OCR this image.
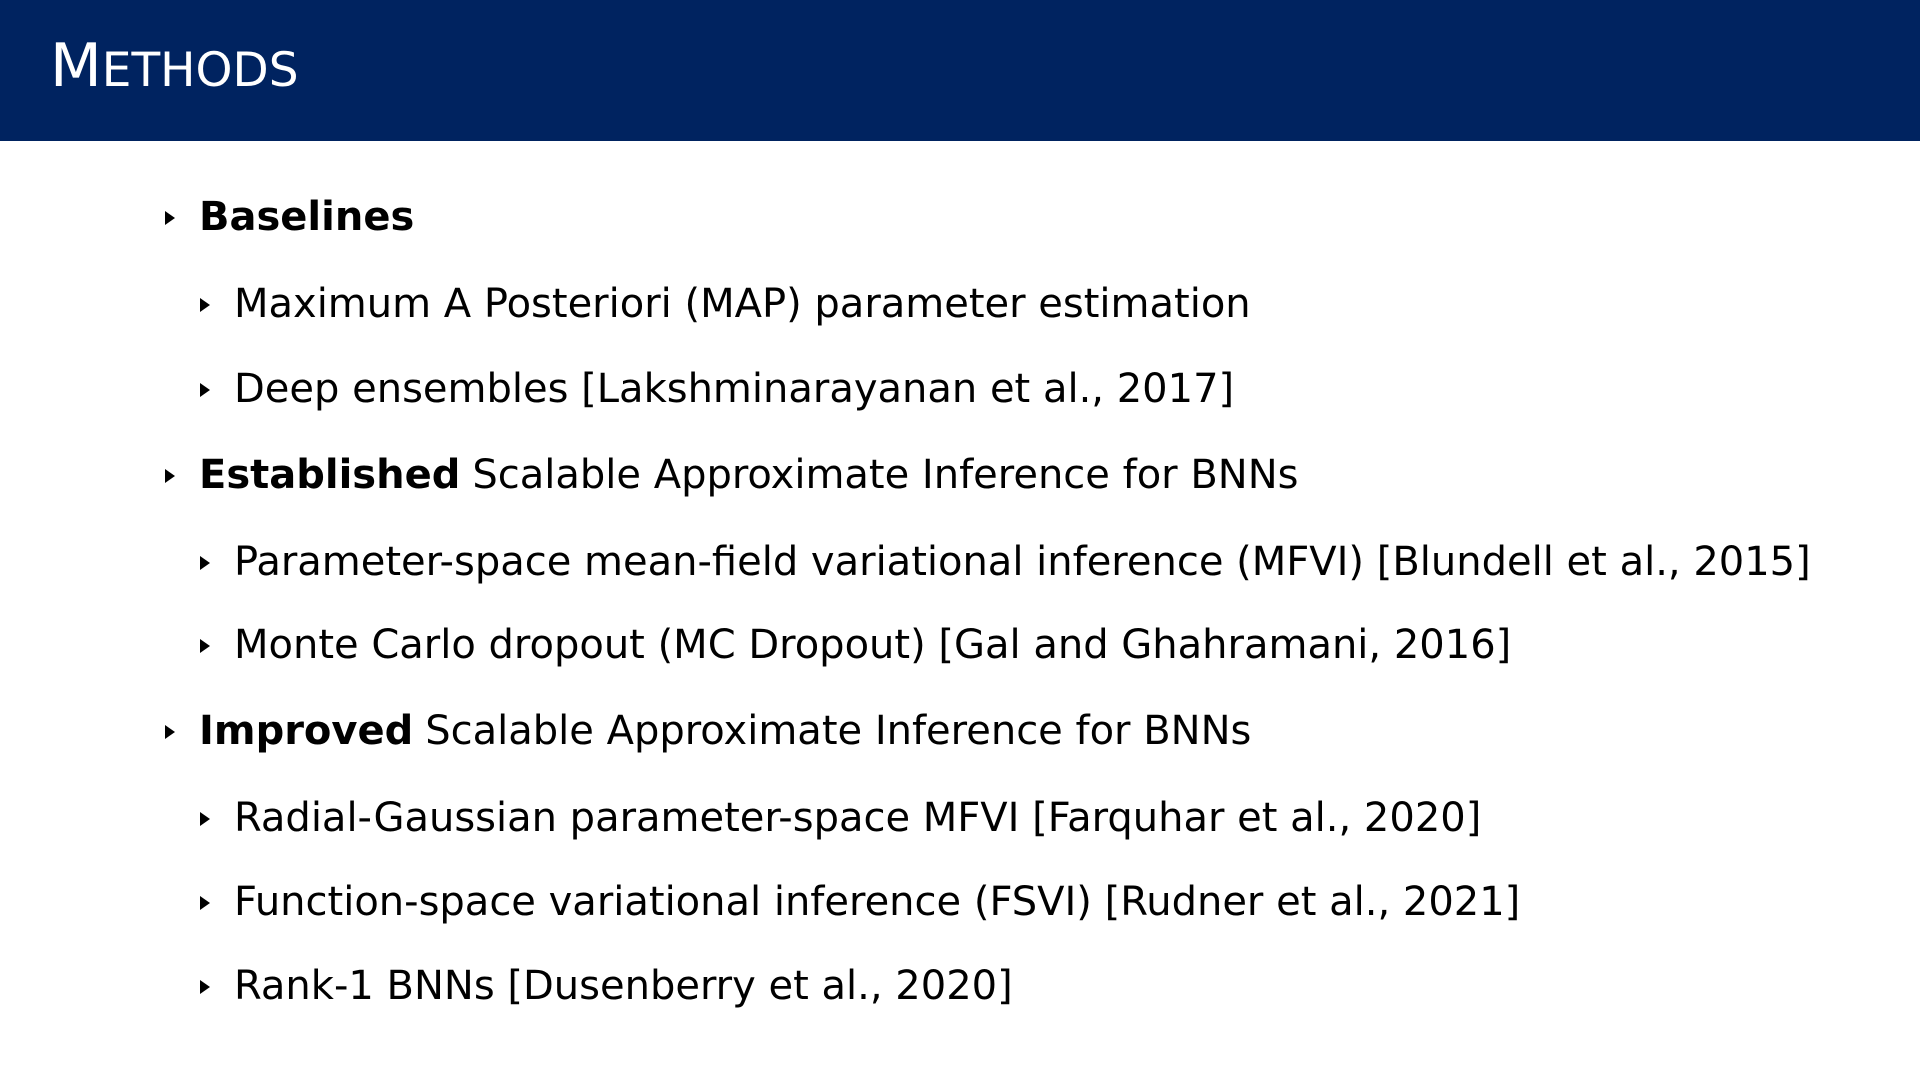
METHODS
Baselines
Maximum A Posteriori (MAP) parameter estimation
Deep ensembles [Lakshminarayanan et al., 2017]
Established Scalable Approximate Inference for BNNs
Parameter-space mean-field variational inference (MFVI) [Blundell et al., 2015]
Monte Carlo dropout (MC Dropout) [Gal and Ghahramani, 2016]
Improved Scalable Approximate Inference for BNNs
Radial-Gaussian parameter-space MFVI [Farquhar et al., 2020]
Function-space variational inference (FSVI) [Rudner et al., 2021]
Rank-1 BNNs [Dusenberry et al., 2020]
